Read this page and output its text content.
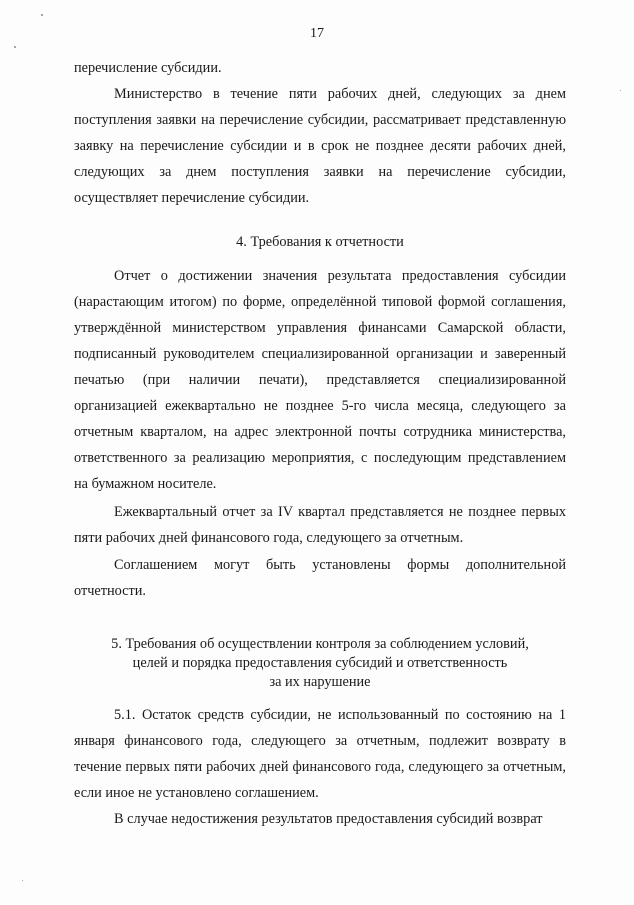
17

перечисление субсидии.

Министерство в течение пяти рабочих дней, следующих за днем поступления заявки на перечисление субсидии, рассматривает представленную заявку на перечисление субсидии и в срок не позднее десяти рабочих дней, следующих за днем поступления заявки на перечисление субсидии, осуществляет перечисление субсидии.

4. Требования к отчетности

Отчет о достижении значения результата предоставления субсидии (нарастающим итогом) по форме, определённой типовой формой соглашения, утверждённой министерством управления финансами Самарской области, подписанный руководителем специализированной организации и заверенный печатью (при наличии печати), представляется специализированной организацией ежеквартально не позднее 5-го числа месяца, следующего за отчетным кварталом, на адрес электронной почты сотрудника министерства, ответственного за реализацию мероприятия, с последующим представлением на бумажном носителе.

Ежеквартальный отчет за IV квартал представляется не позднее первых пяти рабочих дней финансового года, следующего за отчетным.

Соглашением могут быть установлены формы дополнительной отчетности.

5. Требования об осуществлении контроля за соблюдением условий,
целей и порядка предоставления субсидий и ответственность
за их нарушение

5.1. Остаток средств субсидии, не использованный по состоянию на 1 января финансового года, следующего за отчетным, подлежит возврату в течение первых пяти рабочих дней финансового года, следующего за отчетным, если иное не установлено соглашением.

В случае недостижения результатов предоставления субсидий возврат
